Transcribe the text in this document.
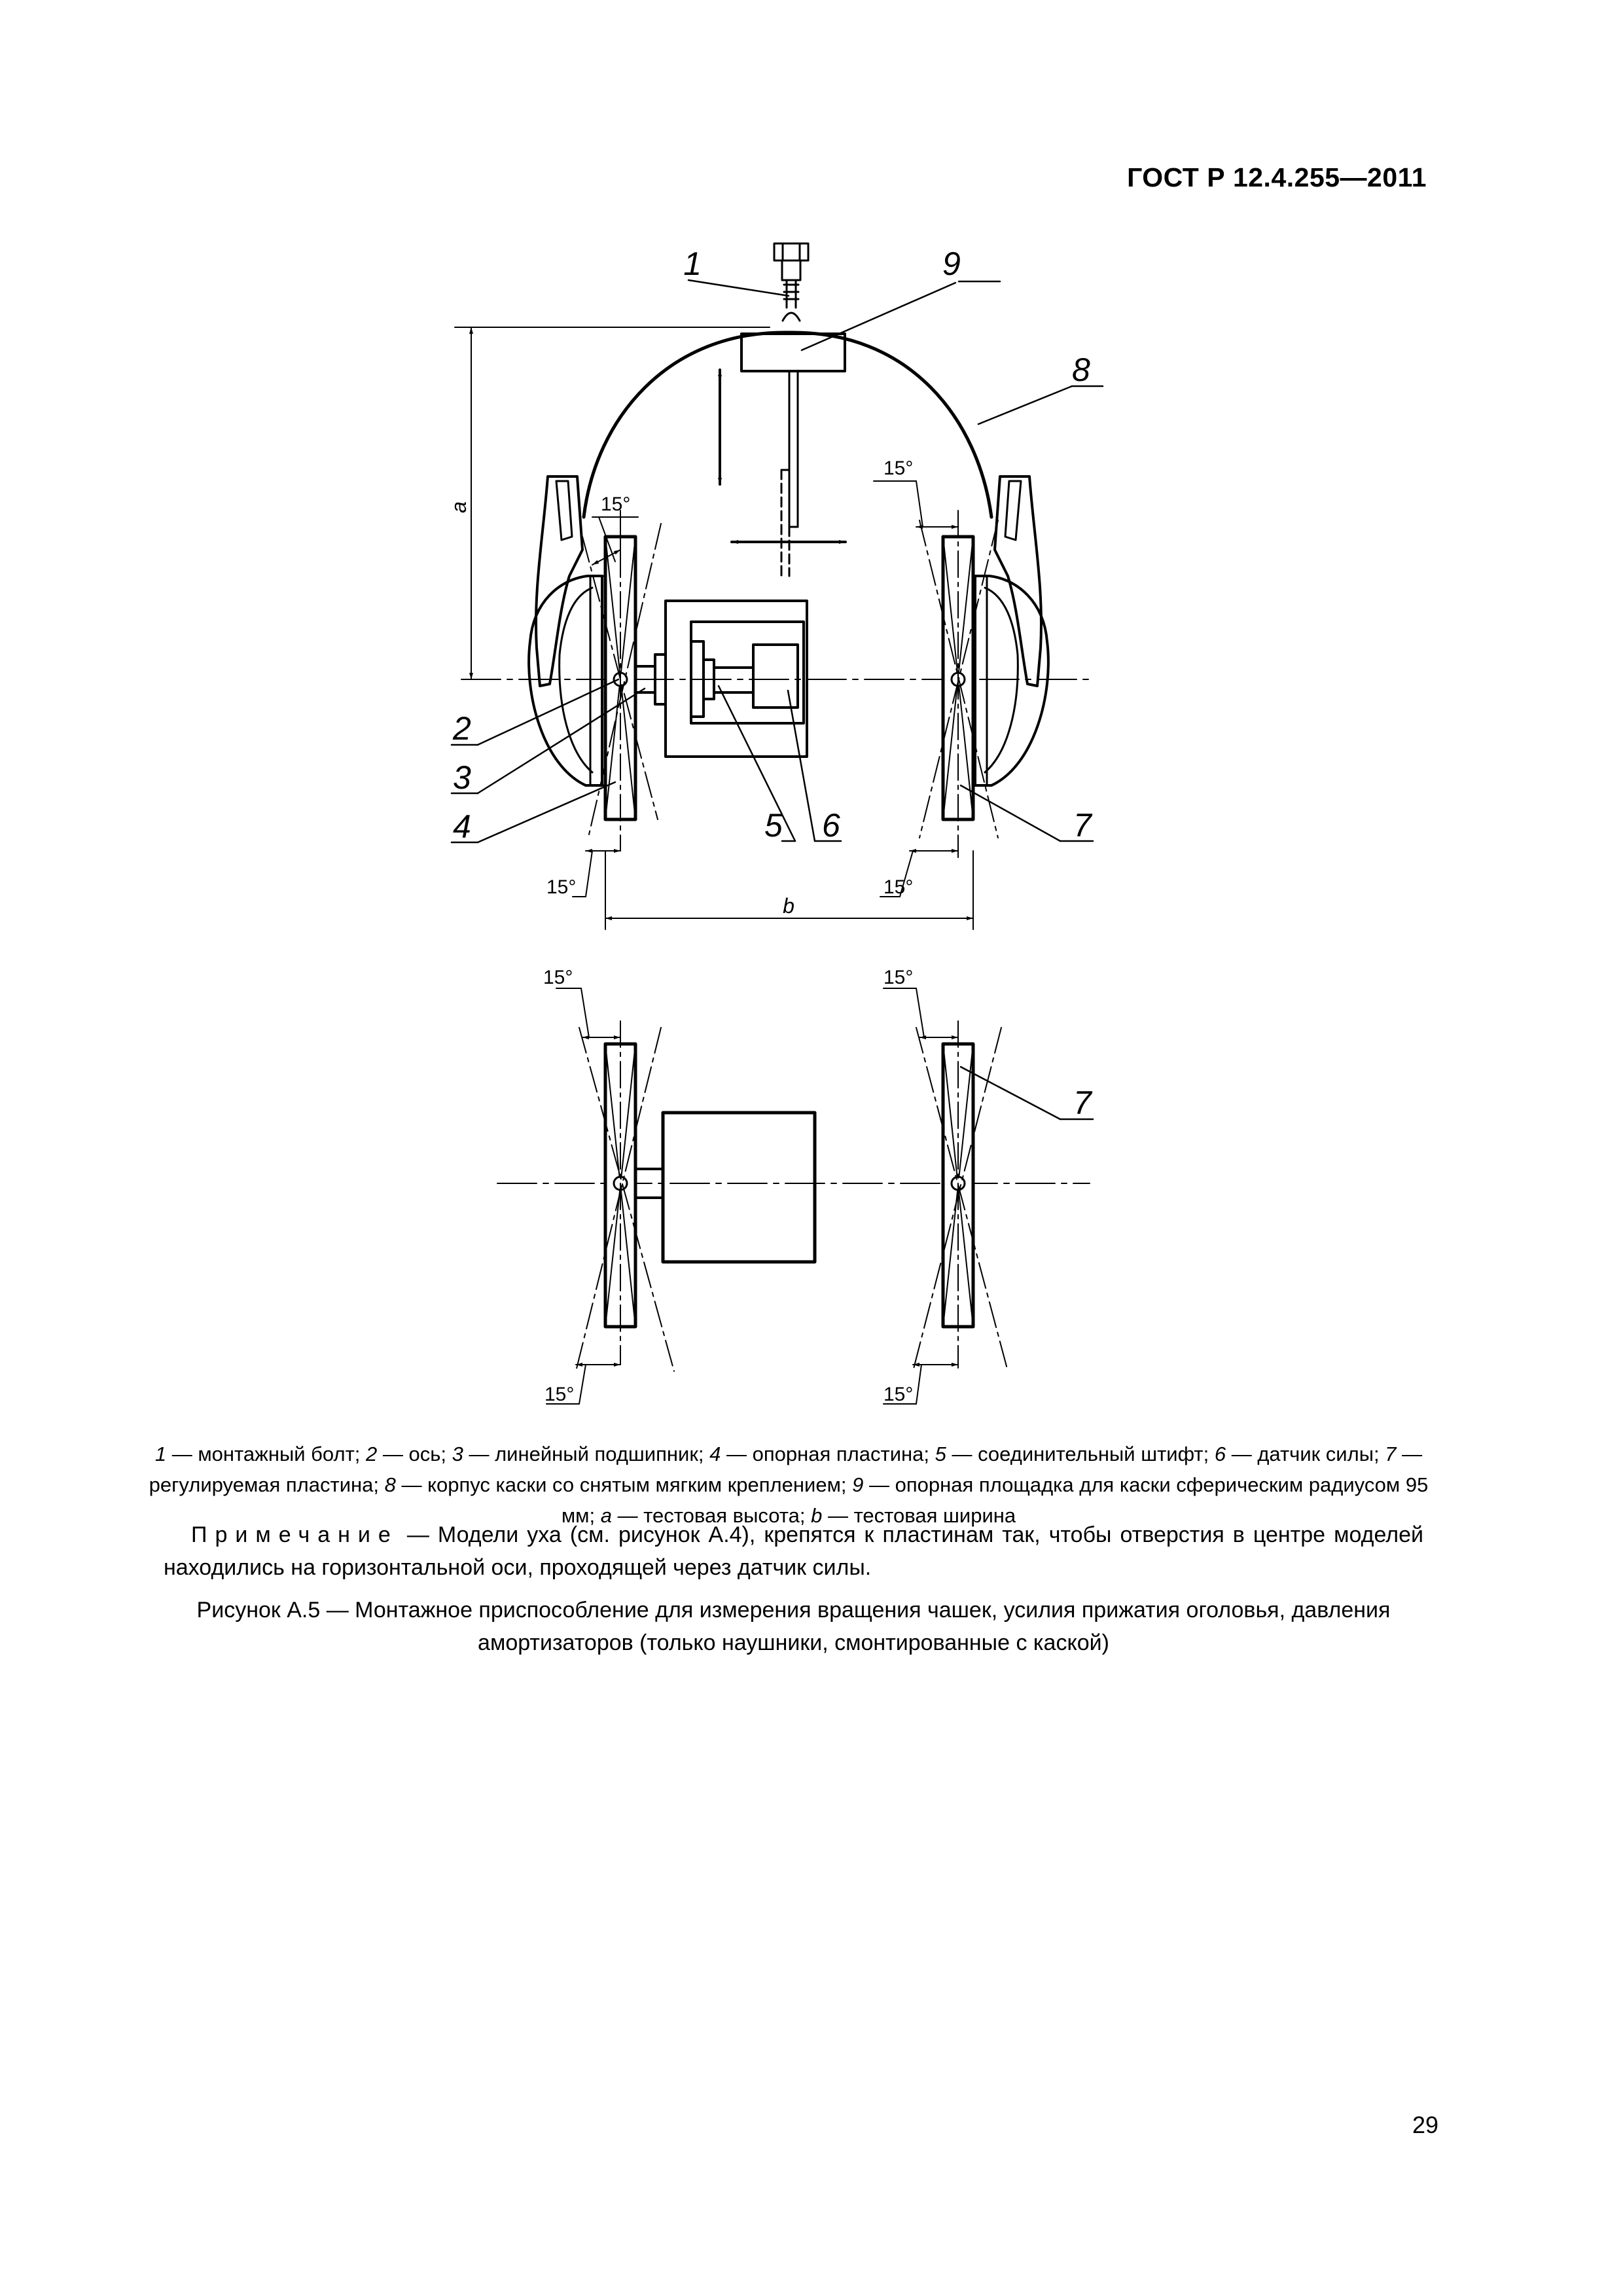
ГОСТ Р 12.4.255—2011
1
2
3
4	5 6	7
8
9
7
15°
15°
15°	15°
15°	15°
15°	15°
a
b
1 — монтажный болт; 2 — ось; 3 — линейный подшипник; 4 — опорная пластина; 5 — соединительный штифт; 6 — датчик силы; 7 — регулируемая пластина; 8 — корпус каски со снятым мягким креплением; 9 — опорная площадка для каски сферическим радиусом 95 мм; a — тестовая высота; b — тестовая ширина
Примечание — Модели уха (см. рисунок А.4), крепятся к пластинам так, чтобы отверстия в центре моделей находились на горизонтальной оси, проходящей через датчик силы.
Рисунок А.5 — Монтажное приспособление для измерения вращения чашек, усилия прижатия оголовья, давления амортизаторов (только наушники, смонтированные с каской)
29
